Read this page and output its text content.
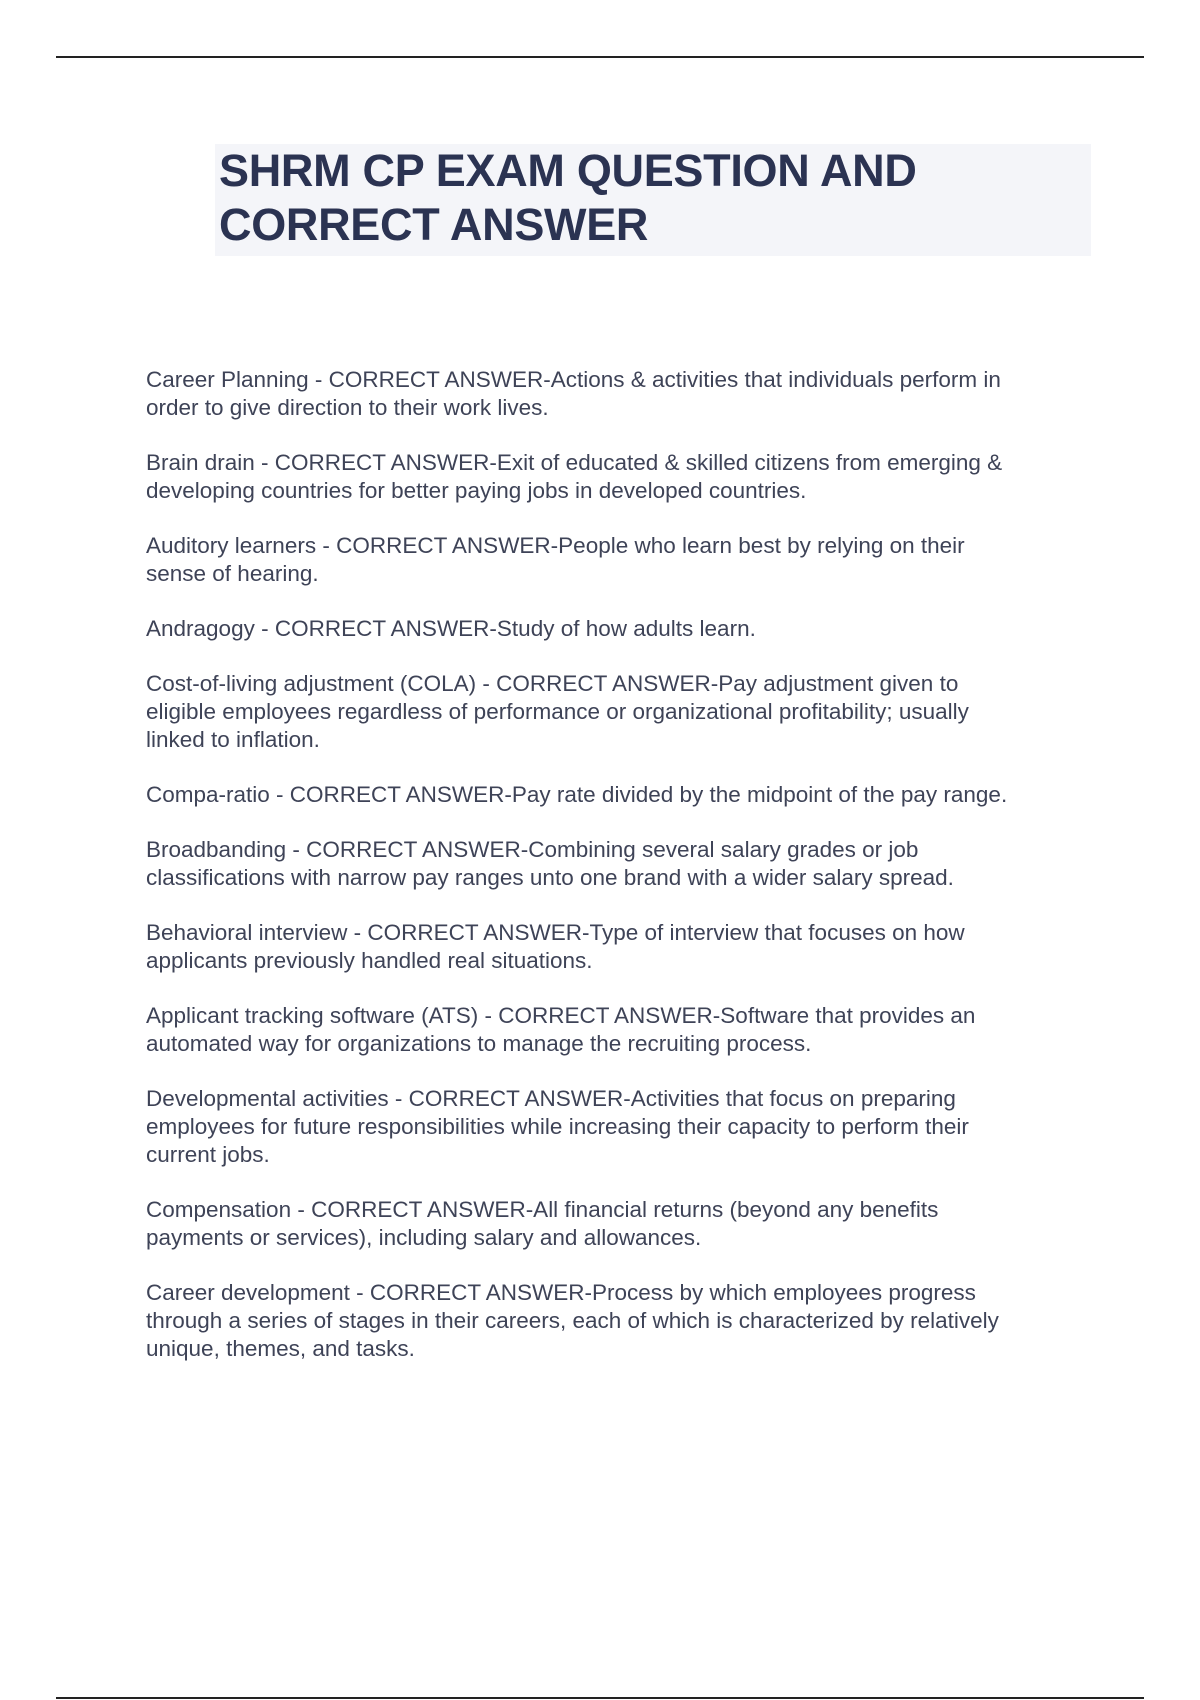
SHRM CP EXAM QUESTION AND
CORRECT ANSWER

Career Planning - CORRECT ANSWER-Actions & activities that individuals perform in
order to give direction to their work lives.

Brain drain - CORRECT ANSWER-Exit of educated & skilled citizens from emerging &
developing countries for better paying jobs in developed countries.

Auditory learners - CORRECT ANSWER-People who learn best by relying on their
sense of hearing.

Andragogy - CORRECT ANSWER-Study of how adults learn.

Cost-of-living adjustment (COLA) - CORRECT ANSWER-Pay adjustment given to
eligible employees regardless of performance or organizational profitability; usually
linked to inflation.

Compa-ratio - CORRECT ANSWER-Pay rate divided by the midpoint of the pay range.

Broadbanding - CORRECT ANSWER-Combining several salary grades or job
classifications with narrow pay ranges unto one brand with a wider salary spread.

Behavioral interview - CORRECT ANSWER-Type of interview that focuses on how
applicants previously handled real situations.

Applicant tracking software (ATS) - CORRECT ANSWER-Software that provides an
automated way for organizations to manage the recruiting process.

Developmental activities - CORRECT ANSWER-Activities that focus on preparing
employees for future responsibilities while increasing their capacity to perform their
current jobs.

Compensation - CORRECT ANSWER-All financial returns (beyond any benefits
payments or services), including salary and allowances.

Career development - CORRECT ANSWER-Process by which employees progress
through a series of stages in their careers, each of which is characterized by relatively
unique, themes, and tasks.
